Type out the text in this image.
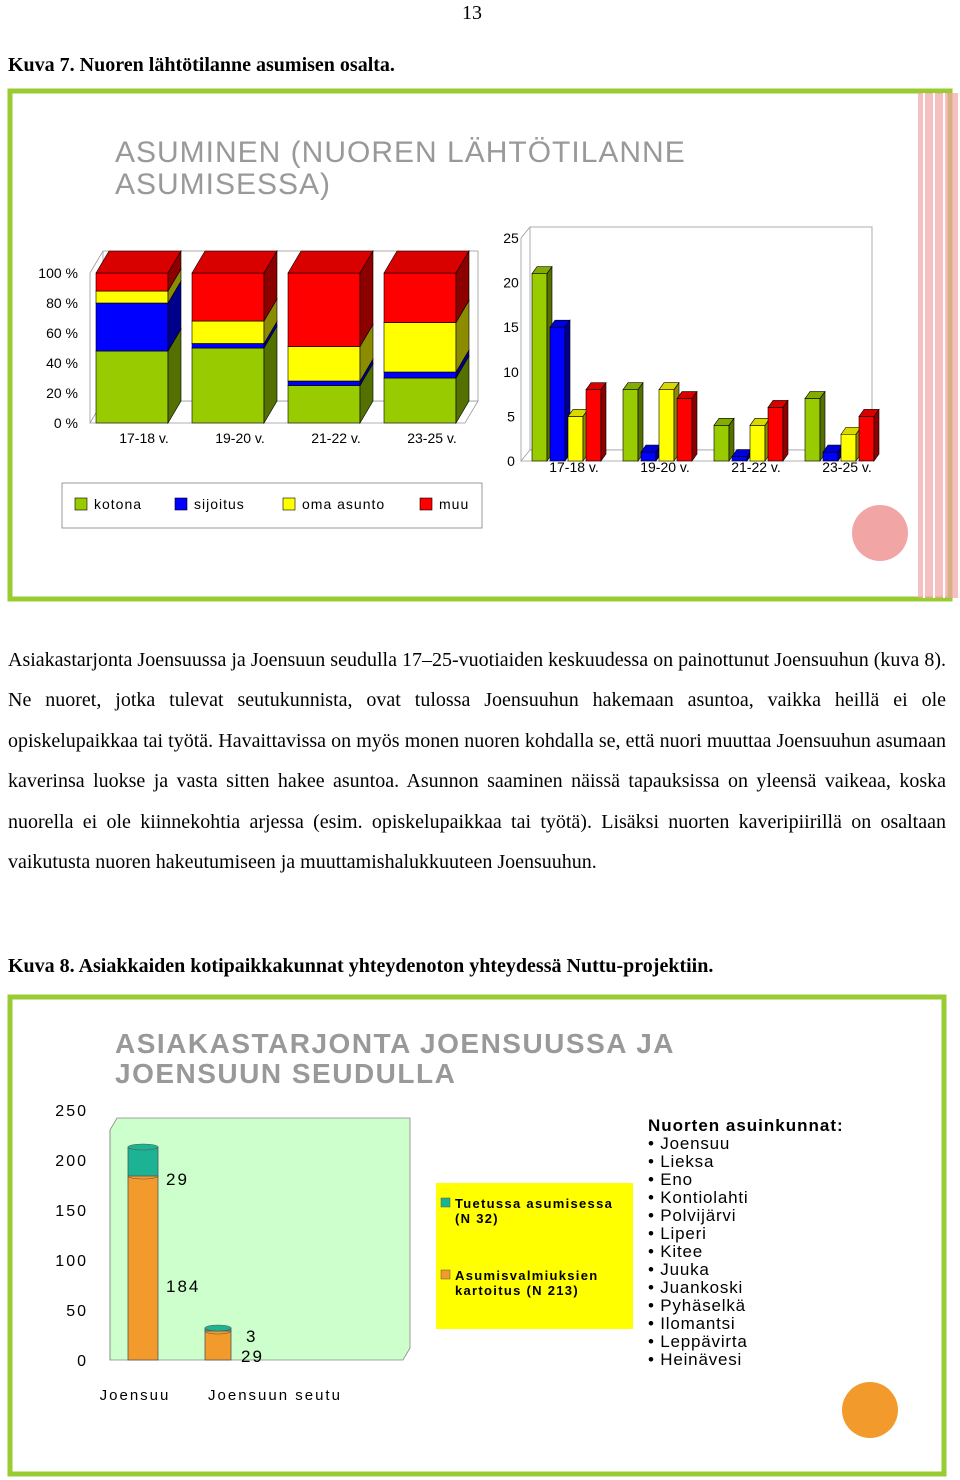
13
Kuva 7. Nuoren lähtötilanne asumisen osalta.
ASUMINEN (NUOREN LÄHTÖTILANNE ASUMISESSA)
0 %
20 %
40 %
60 %
80 %
100 %
17-18 v.	19-20 v.	21-22 v.	23-25 v.
0
5
10
15
20
25
17-18 v.	19-20 v.	21-22 v.	23-25 v.
kotona	sijoitus	oma asunto	muu

Asiakastarjonta Joensuussa ja Joensuun seudulla 17–25-vuotiaiden keskuudessa on painottunut Joensuuhun (kuva 8). Ne nuoret, jotka tulevat seutukunnista, ovat tulossa Joensuuhun hakemaan asuntoa, vaikka heillä ei ole opiskelupaikkaa tai työtä. Havaittavissa on myös monen nuoren kohdalla se, että nuori muuttaa Joensuuhun asumaan kaverinsa luokse ja vasta sitten hakee asuntoa. Asunnon saaminen näissä tapauksissa on yleensä vaikeaa, koska nuorella ei ole kiinnekohtia arjessa (esim. opiskelupaikkaa tai työtä). Lisäksi nuorten kaveripiirillä on osaltaan vaikutusta nuoren hakeutumiseen ja muuttamishalukkuuteen Joensuuhun.

Kuva 8. Asiakkaiden kotipaikkakunnat yhteydenoton yhteydessä Nuttu-projektiin.
ASIAKASTARJONTA JOENSUUSSA JA JOENSUUN SEUDULLA
0
50
100
150
200
250
Joensuu	Joensuun seutu
184
29
29
3
Tuetussa asumisessa (N 32)
Asumisvalmiuksien kartoitus (N 213)
Nuorten asuinkunnat:
• Joensuu
• Lieksa
• Eno
• Kontiolahti
• Polvijärvi
• Liperi
• Kitee
• Juuka
• Juankoski
• Pyhäselkä
• Ilomantsi
• Leppävirta
• Heinävesi
